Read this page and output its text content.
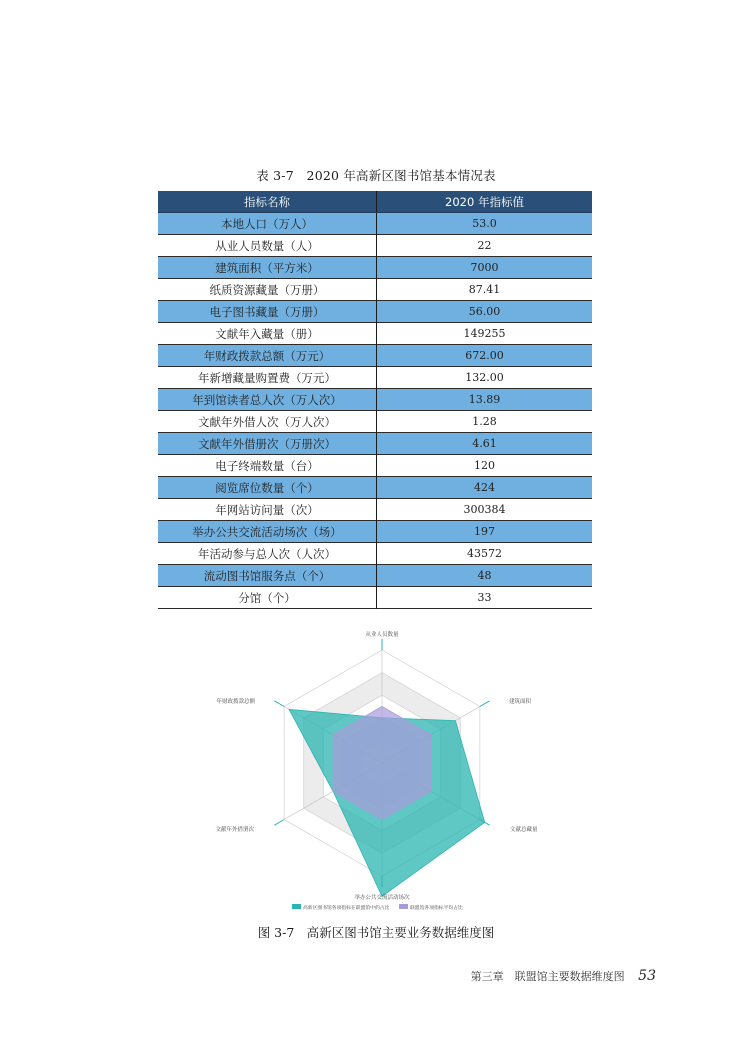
表 3-7　2020 年高新区图书馆基本情况表
指标名称	2020 年指标值
本地人口（万人）	53.0
从业人员数量（人）	22
建筑面积（平方米）	7000
纸质资源藏量（万册）	87.41
电子图书藏量（万册）	56.00
文献年入藏量（册）	149255
年财政拨款总额（万元）	672.00
年新增藏量购置费（万元）	132.00
年到馆读者总人次（万人次）	13.89
文献年外借人次（万人次）	1.28
文献年外借册次（万册次）	4.61
电子终端数量（台）	120
阅览席位数量（个）	424
年网站访问量（次）	300384
举办公共交流活动场次（场）	197
年活动参与总人次（人次）	43572
流动图书馆服务点（个）	48
分馆（个）	33
从业人员数量
建筑面积
文献总藏量
举办公共交流活动场次
文献年外借册次
年财政拨款总额
高新区图书馆各项指标在联盟馆中的占比	联盟馆各项指标平均占比
图 3-7　高新区图书馆主要业务数据维度图
第三章　联盟馆主要数据维度图 53
